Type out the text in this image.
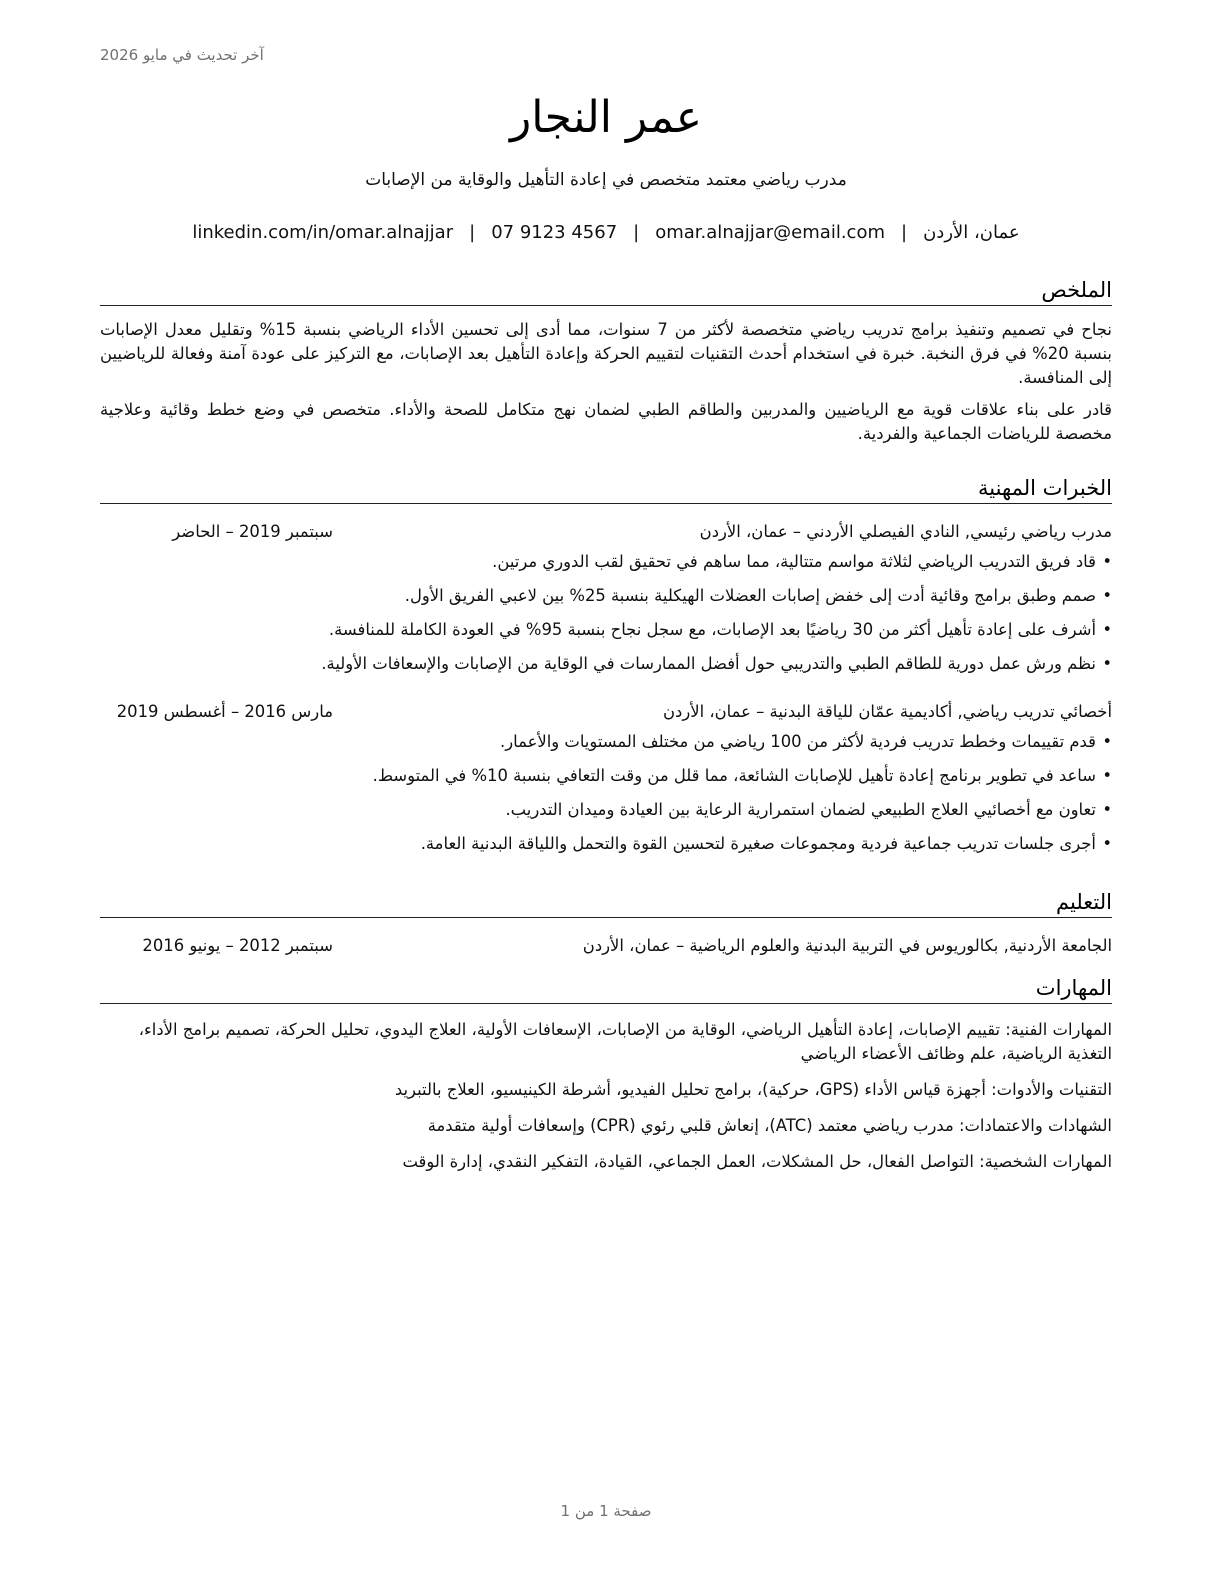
آخر تحديث في مايو 2026
عمر النجار
مدرب رياضي معتمد متخصص في إعادة التأهيل والوقاية من الإصابات
عمان، الأردن|omar.alnajjar@email.com|07 9123 4567|linkedin.com/in/omar.alnajjar
الملخص

نجاح في تصميم وتنفيذ برامج تدريب رياضي متخصصة لأكثر من 7 سنوات، مما أدى إلى تحسين الأداء الرياضي بنسبة 15% وتقليل معدل الإصابات بنسبة 20% في فرق النخبة. خبرة في استخدام أحدث التقنيات لتقييم الحركة وإعادة التأهيل بعد الإصابات، مع التركيز على عودة آمنة وفعالة للرياضيين إلى المنافسة.

قادر على بناء علاقات قوية مع الرياضيين والمدربين والطاقم الطبي لضمان نهج متكامل للصحة والأداء. متخصص في وضع خطط وقائية وعلاجية مخصصة للرياضات الجماعية والفردية.

الخبرات المهنية
مدرب رياضي رئيسي, النادي الفيصلي الأردني – عمان، الأردن
سبتمبر 2019 – الحاضر
• قاد فريق التدريب الرياضي لثلاثة مواسم متتالية، مما ساهم في تحقيق لقب الدوري مرتين.
• صمم وطبق برامج وقائية أدت إلى خفض إصابات العضلات الهيكلية بنسبة 25% بين لاعبي الفريق الأول.
• أشرف على إعادة تأهيل أكثر من 30 رياضيًا بعد الإصابات، مع سجل نجاح بنسبة 95% في العودة الكاملة للمنافسة.
• نظم ورش عمل دورية للطاقم الطبي والتدريبي حول أفضل الممارسات في الوقاية من الإصابات والإسعافات الأولية.
أخصائي تدريب رياضي, أكاديمية عمّان للياقة البدنية – عمان، الأردن
مارس 2016 – أغسطس 2019
• قدم تقييمات وخطط تدريب فردية لأكثر من 100 رياضي من مختلف المستويات والأعمار.
• ساعد في تطوير برنامج إعادة تأهيل للإصابات الشائعة، مما قلل من وقت التعافي بنسبة 10% في المتوسط.
• تعاون مع أخصائيي العلاج الطبيعي لضمان استمرارية الرعاية بين العيادة وميدان التدريب.
• أجرى جلسات تدريب جماعية فردية ومجموعات صغيرة لتحسين القوة والتحمل واللياقة البدنية العامة.
التعليم
الجامعة الأردنية, بكالوريوس في التربية البدنية والعلوم الرياضية – عمان، الأردن
سبتمبر 2012 – يونيو 2016
المهارات

المهارات الفنية: تقييم الإصابات، إعادة التأهيل الرياضي، الوقاية من الإصابات، الإسعافات الأولية، العلاج اليدوي، تحليل الحركة، تصميم برامج الأداء، التغذية الرياضية، علم وظائف الأعضاء الرياضي

التقنيات والأدوات: أجهزة قياس الأداء (GPS، حركية)، برامج تحليل الفيديو، أشرطة الكينيسيو، العلاج بالتبريد

الشهادات والاعتمادات: مدرب رياضي معتمد (ATC)، إنعاش قلبي رئوي (CPR) وإسعافات أولية متقدمة

المهارات الشخصية: التواصل الفعال، حل المشكلات، العمل الجماعي، القيادة، التفكير النقدي، إدارة الوقت

صفحة 1 من 1
